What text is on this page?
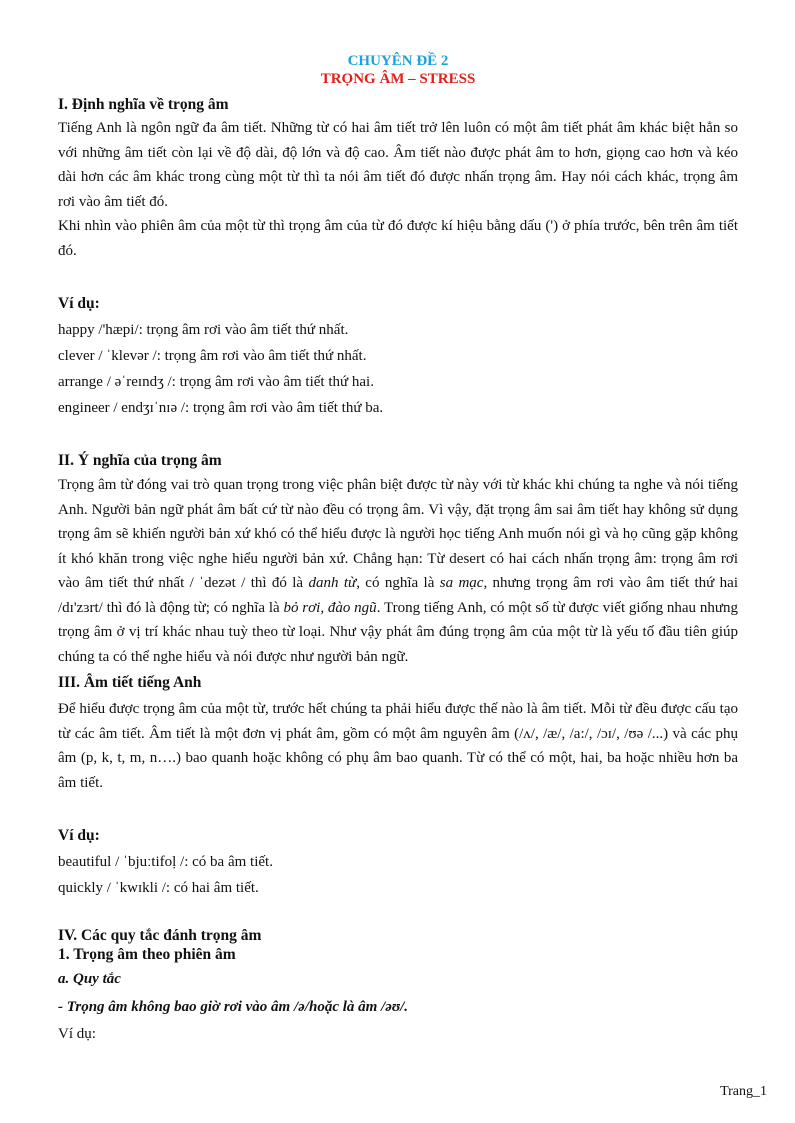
CHUYÊN ĐỀ 2
TRỌNG ÂM – STRESS
I. Định nghĩa về trọng âm

Tiếng Anh là ngôn ngữ đa âm tiết. Những từ có hai âm tiết trở lên luôn có một âm tiết phát âm khác biệt hẳn so với những âm tiết còn lại về độ dài, độ lớn và độ cao. Âm tiết nào được phát âm to hơn, giọng cao hơn và kéo dài hơn các âm khác trong cùng một từ thì ta nói âm tiết đó được nhấn trọng âm. Hay nói cách khác, trọng âm rơi vào âm tiết đó.

Khi nhìn vào phiên âm của một từ thì trọng âm của từ đó được kí hiệu bằng dấu (') ở phía trước, bên trên âm tiết đó.

Ví dụ:
happy /'hæpi/: trọng âm rơi vào âm tiết thứ nhất.
clever / ˈklevər /: trọng âm rơi vào âm tiết thứ nhất.
arrange / əˈreɪndʒ /: trọng âm rơi vào âm tiết thứ hai.
engineer / endʒɪˈnɪə /: trọng âm rơi vào âm tiết thứ ba.
II. Ý nghĩa của trọng âm

Trọng âm từ đóng vai trò quan trọng trong việc phân biệt được từ này với từ khác khi chúng ta nghe và nói tiếng Anh. Người bản ngữ phát âm bất cứ từ nào đều có trọng âm. Vì vậy, đặt trọng âm sai âm tiết hay không sử dụng trọng âm sẽ khiến người bản xứ khó có thể hiểu được là người học tiếng Anh muốn nói gì và họ cũng gặp không ít khó khăn trong việc nghe hiểu người bản xứ. Chẳng hạn: Từ desert có hai cách nhấn trọng âm: trọng âm rơi vào âm tiết thứ nhất / ˈdezət / thì đó là danh từ, có nghĩa là sa mạc, nhưng trọng âm rơi vào âm tiết thứ hai /dɪ'zɜrt/ thì đó là động từ; có nghĩa là bỏ rơi, đào ngũ. Trong tiếng Anh, có một số từ được viết giống nhau nhưng trọng âm ở vị trí khác nhau tuỳ theo từ loại. Như vậy phát âm đúng trọng âm của một từ là yếu tố đầu tiên giúp chúng ta có thể nghe hiểu và nói được như người bản ngữ.

III. Âm tiết tiếng Anh

Để hiểu được trọng âm của một từ, trước hết chúng ta phải hiểu được thế nào là âm tiết. Mỗi từ đều được cấu tạo từ các âm tiết. Âm tiết là một đơn vị phát âm, gồm có một âm nguyên âm (/ʌ/, /æ/, /a:/, /ɔɪ/, /ʊə /...) và các phụ âm (p, k, t, m, n….) bao quanh hoặc không có phụ âm bao quanh. Từ có thể có một, hai, ba hoặc nhiều hơn ba âm tiết.

Ví dụ:
beautiful / ˈbjuːtifoḷ /: có ba âm tiết.
quickly / ˈkwɪkli /: có hai âm tiết.
IV. Các quy tắc đánh trọng âm
1. Trọng âm theo phiên âm
a. Quy tắc
- Trọng âm không bao giờ rơi vào âm /ə/hoặc là âm /əʊ/.
Ví dụ:
Trang_1
